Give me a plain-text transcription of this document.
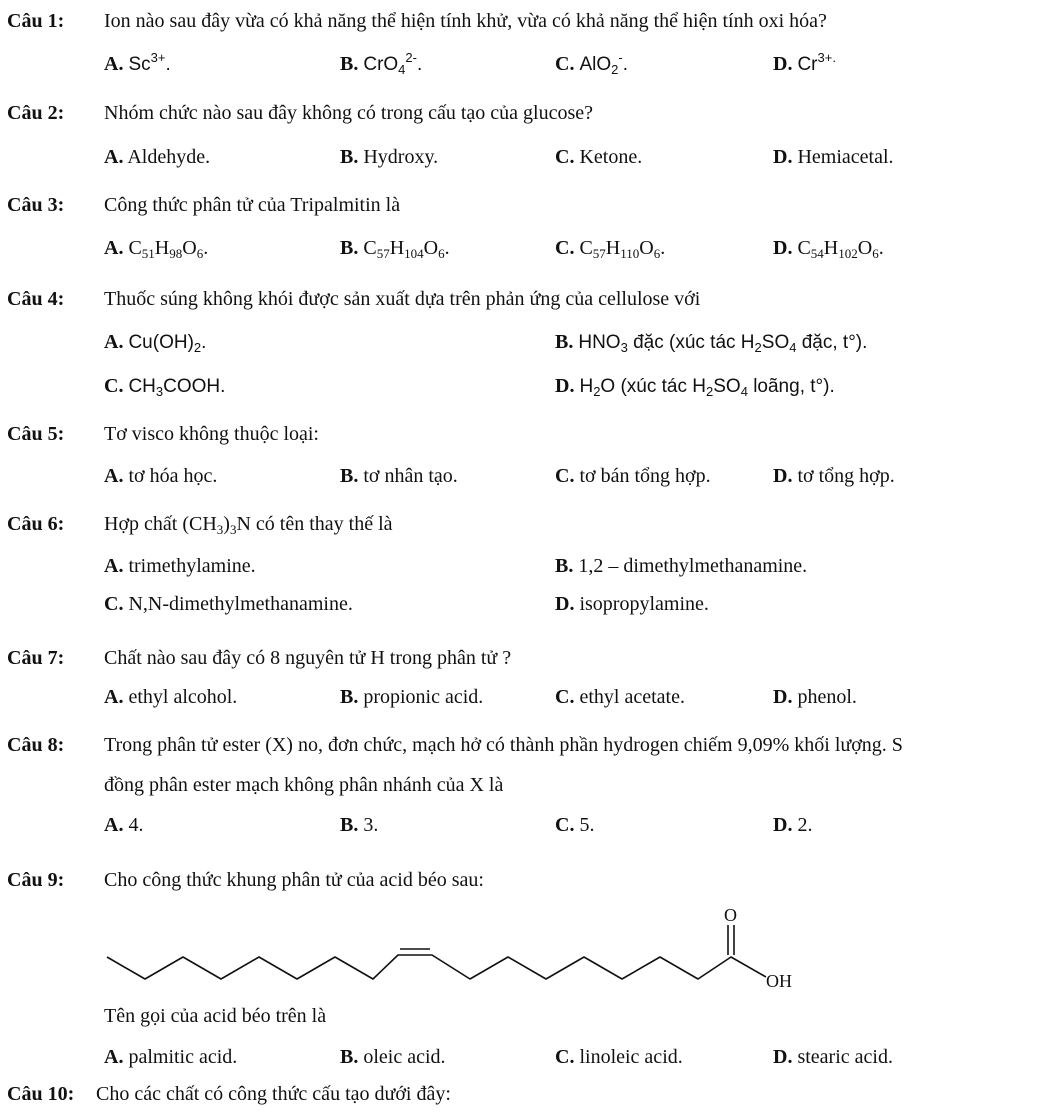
Câu 1: Ion nào sau đây vừa có khả năng thể hiện tính khử, vừa có khả năng thể hiện tính oxi hóa?
A. $Sc^{3+}$.	B. CrO$_4^{2-}$.	C. AlO$_2$-.	D. $Cr^{3+.}$
Câu 2: Nhóm chức nào sau đây không có trong cấu tạo của glucose?
A. Aldehyde.	B. Hydroxy.	C. Ketone.	D. Hemiacetal.
Câu 3: Công thức phân tử của Tripalmitin là
A. $C_{51}H_{98}O_6$.	B. $C_{57}H_{104}O_6$.	C. $C_{57}H_{110}O_6$.	D. $C_{54}H_{102}O_6$.
Câu 4: Thuốc súng không khói được sản xuất dựa trên phản ứng của cellulose với
A. $Cu(OH)_2$.	B. $HNO_3$ đặc (xúc tác $H_2SO_4$ đặc, t°).
C. $CH_3COOH$.	D. $H_2O$ (xúc tác $H_2SO_4$ loãng, t°).
Câu 5: Tơ visco không thuộc loại:
A. tơ hóa học.	B. tơ nhân tạo.	C. tơ bán tổng hợp.	D. tơ tổng hợp.
Câu 6: Hợp chất $(CH_3)_3N$ có tên thay thế là
A. trimethylamine.	B. 1,2 – dimethylmethanamine.
C. N,N-dimethylmethanamine.	D. isopropylamine.
Câu 7: Chất nào sau đây có 8 nguyên tử H trong phân tử ?
A. ethyl alcohol.	B. propionic acid.	C. ethyl acetate.	D. phenol.
Câu 8: Trong phân tử ester (X) no, đơn chức, mạch hở có thành phần hydrogen chiếm 9,09% khối lượng. S
đồng phân ester mạch không phân nhánh của X là
A. 4.	B. 3.	C. 5.	D. 2.
Câu 9: Cho công thức khung phân tử của acid béo sau:
O
OH
Tên gọi của acid béo trên là
A. palmitic acid.	B. oleic acid.	C. linoleic acid.	D. stearic acid.
Câu 10: Cho các chất có công thức cấu tạo dưới đây:
